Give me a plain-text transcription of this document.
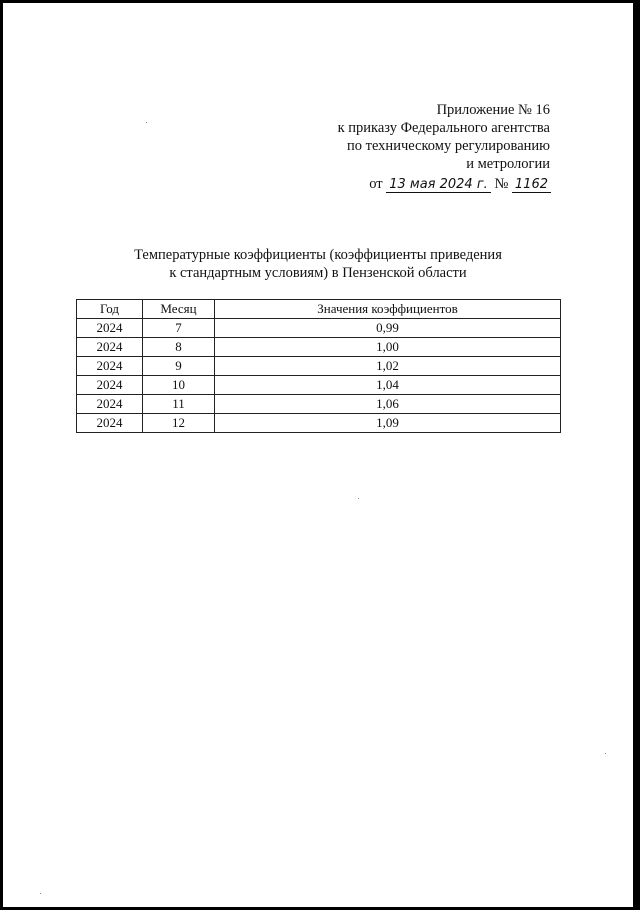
Приложение № 16
к приказу Федерального агентства
по техническому регулированию
и метрологии
от 13 мая 2024 г. № 1162
Температурные коэффициенты (коэффициенты приведения
к стандартным условиям) в Пензенской области
Год	Месяц	Значения коэффициентов
2024	7	0,99
2024	8	1,00
2024	9	1,02
2024	10	1,04
2024	11	1,06
2024	12	1,09
